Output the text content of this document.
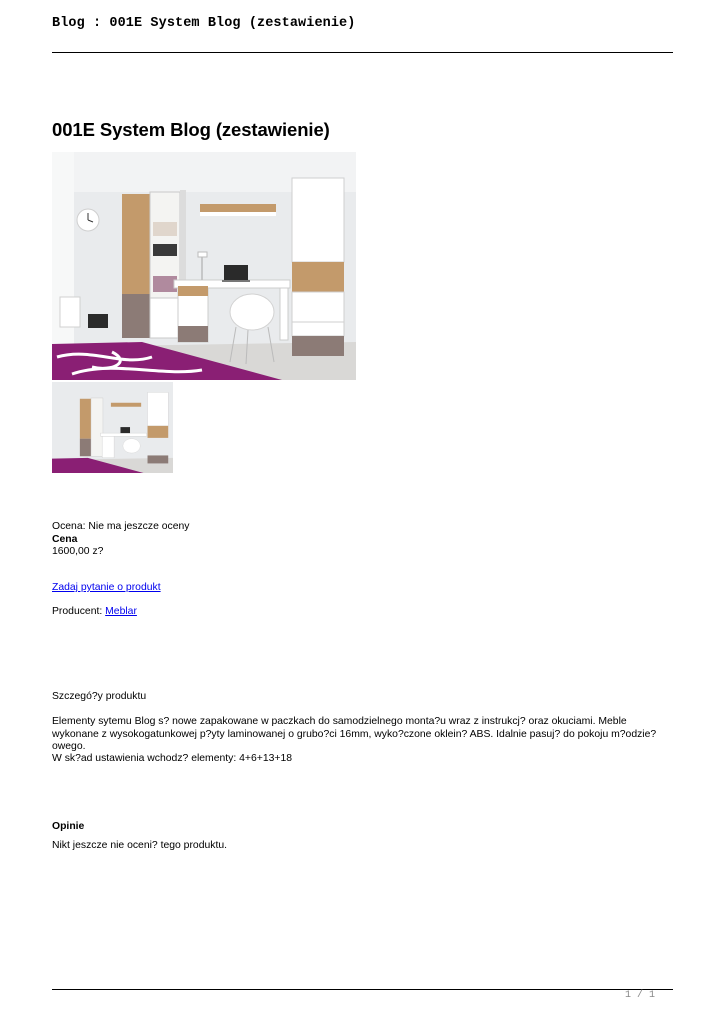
Blog : 001E System Blog (zestawienie)
001E System Blog (zestawienie)
Ocena: Nie ma jeszcze oceny
Cena
1600,00 z?
Zadaj pytanie o produkt
Producent: Meblar
Szczegó?y produktu
Elementy sytemu Blog s? nowe zapakowane w paczkach do samodzielnego monta?u wraz z instrukcj? oraz okuciami. Meble wykonane z wysokogatunkowej p?yty laminowanej o grubo?ci 16mm, wyko?czone oklein? ABS. Idalnie pasuj? do pokoju m?odzie?owego.
W sk?ad ustawienia wchodz? elementy: 4+6+13+18
Opinie
Nikt jeszcze nie oceni? tego produktu.
1 / 1
